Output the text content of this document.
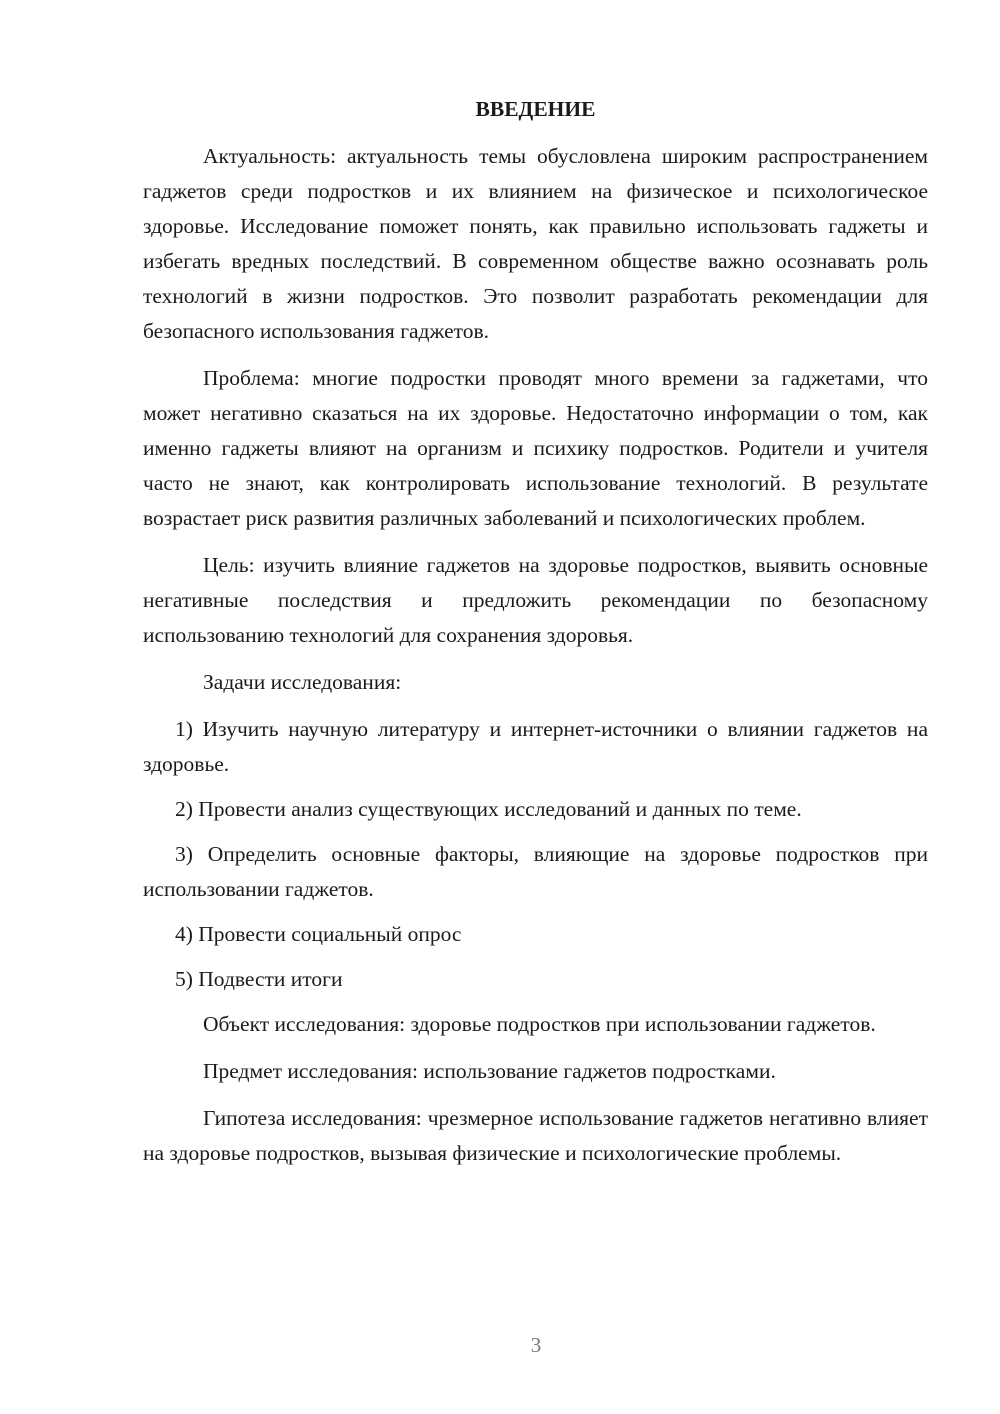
ВВЕДЕНИЕ

Актуальность: актуальность темы обусловлена широким распространением гаджетов среди подростков и их влиянием на физическое и психологическое здоровье. Исследование поможет понять, как правильно использовать гаджеты и избегать вредных последствий. В современном обществе важно осознавать роль технологий в жизни подростков. Это позволит разработать рекомендации для безопасного использования гаджетов.

Проблема: многие подростки проводят много времени за гаджетами, что может негативно сказаться на их здоровье. Недостаточно информации о том, как именно гаджеты влияют на организм и психику подростков. Родители и учителя часто не знают, как контролировать использование технологий. В результате возрастает риск развития различных заболеваний и психологических проблем.

Цель: изучить влияние гаджетов на здоровье подростков, выявить основные негативные последствия и предложить рекомендации по безопасному использованию технологий для сохранения здоровья.

Задачи исследования:

1) Изучить научную литературу и интернет-источники о влиянии гаджетов на здоровье.

2) Провести анализ существующих исследований и данных по теме.

3) Определить основные факторы, влияющие на здоровье подростков при использовании гаджетов.

4) Провести социальный опрос

5) Подвести итоги

Объект исследования: здоровье подростков при использовании гаджетов.

Предмет исследования: использование гаджетов подростками.

Гипотеза исследования: чрезмерное использование гаджетов негативно влияет на здоровье подростков, вызывая физические и психологические проблемы.

3
